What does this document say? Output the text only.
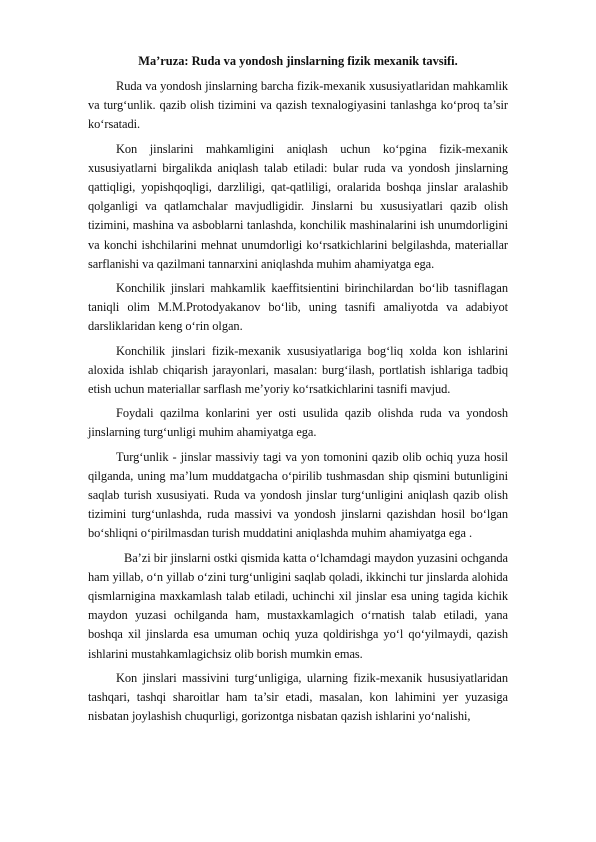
Ma’ruza: Ruda va yondosh jinslarning fizik mexanik tavsifi.

Ruda va yondosh jinslarning barcha fizik-mexanik xususiyatlaridan mahkamlik va turg‘unlik. qazib olish tizimini va qazish texnalogiyasini tanlashga ko‘proq ta’sir ko‘rsatadi.

Kon jinslarini mahkamligini aniqlash uchun ko‘pgina fizik-mexanik xususiyatlarni birgalikda aniqlash talab etiladi: bular ruda va yondosh jinslarning qattiqligi, yopishqoqligi, darzliligi, qat-qatliligi, oralarida boshqa jinslar aralashib qolganligi va qatlamchalar mavjudligidir. Jinslarni bu xususiyatlari qazib olish tizimini, mashina va asboblarni tanlashda, konchilik mashinalarini ish unumdorligini va konchi ishchilarini mehnat unumdorligi ko‘rsatkichlarini belgilashda, materiallar sarflanishi va qazilmani tannarxini aniqlashda muhim ahamiyatga ega.

Konchilik jinslari mahkamlik kaeffitsientini birinchilardan bo‘lib tasniflagan taniqli olim M.M.Protodyakanov bo‘lib, uning tasnifi amaliyotda va adabiyot darsliklaridan keng o‘rin olgan.

Konchilik jinslari fizik-mexanik xususiyatlariga bog‘liq xolda kon ishlarini aloxida ishlab chiqarish jarayonlari, masalan: burg‘ilash, portlatish ishlariga tadbiq etish uchun materiallar sarflash me’yoriy ko‘rsatkichlarini tasnifi mavjud.

Foydali qazilma konlarini yer osti usulida qazib olishda ruda va yondosh jinslarning turg‘unligi muhim ahamiyatga ega.

Turg‘unlik - jinslar massiviy tagi va yon tomonini qazib olib ochiq yuza hosil qilganda, uning ma’lum muddatgacha o‘pirilib tushmasdan ship qismini butunligini saqlab turish xususiyati. Ruda va yondosh jinslar turg‘unligini aniqlash qazib olish tizimini turg‘unlashda, ruda massivi va yondosh jinslarni qazishdan hosil bo‘lgan bo‘shliqni o‘pirilmasdan turish muddatini aniqlashda muhim ahamiyatga ega .

Ba’zi bir jinslarni ostki qismida katta o‘lchamdagi maydon yuzasini ochganda ham yillab, o‘n yillab o‘zini turg‘unligini saqlab qoladi, ikkinchi tur jinslarda alohida qismlarnigina maxkamlash talab etiladi, uchinchi xil jinslar esa uning tagida kichik maydon yuzasi ochilganda ham, mustaxkamlagich o‘rnatish talab etiladi, yana boshqa xil jinslarda esa umuman ochiq yuza qoldirishga yo‘l qo‘yilmaydi, qazish ishlarini mustahkamlagichsiz olib borish mumkin emas.

Kon jinslari massivini turg‘unligiga, ularning fizik-mexanik hususiyatlaridan tashqari, tashqi sharoitlar ham ta’sir etadi, masalan, kon lahimini yer yuzasiga nisbatan joylashish chuqurligi, gorizontga nisbatan qazish ishlarini yo‘nalishi,
